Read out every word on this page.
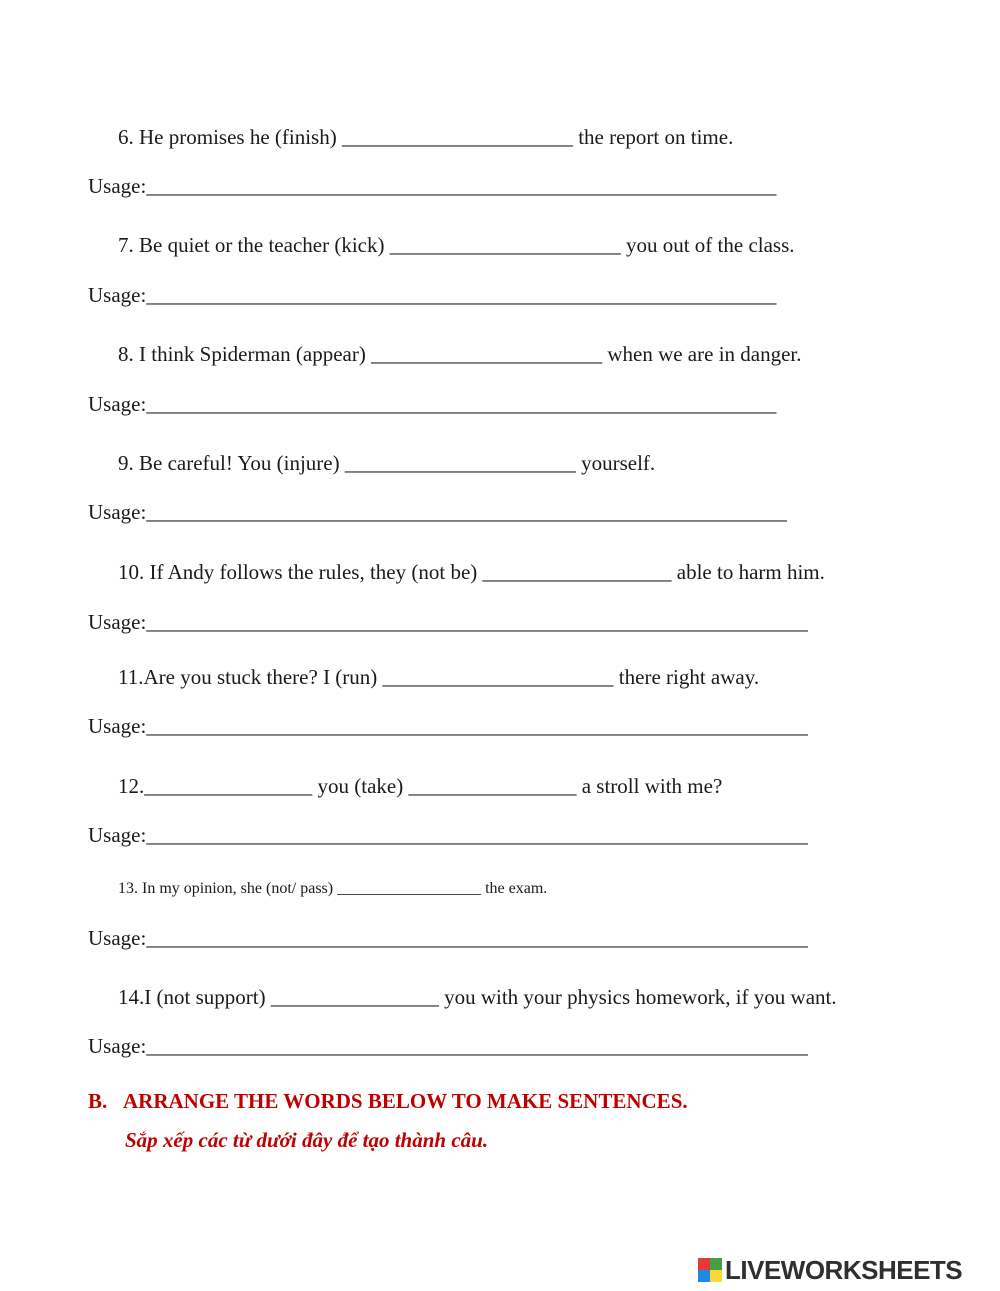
6. He promises he (finish) ______________________ the report on time.
Usage:____________________________________________________________
7. Be quiet or the teacher (kick) ______________________ you out of the class.
Usage:____________________________________________________________
8. I think Spiderman (appear) ______________________ when we are in danger.
Usage:____________________________________________________________
9. Be careful! You (injure) ______________________ yourself.
Usage:_____________________________________________________________
10. If Andy follows the rules, they (not be) __________________ able to harm him.
Usage:_______________________________________________________________
11.Are you stuck there? I (run) ______________________ there right away.
Usage:_______________________________________________________________
12.________________ you (take) ________________ a stroll with me?
Usage:_______________________________________________________________
13. In my opinion, she (not/ pass) __________________ the exam.
Usage:_______________________________________________________________
14.I (not support) ________________ you with your physics homework, if you want.
Usage:_______________________________________________________________
B. ARRANGE THE WORDS BELOW TO MAKE SENTENCES.
Sắp xếp các từ dưới đây để tạo thành câu.
LIVEWORKSHEETS
